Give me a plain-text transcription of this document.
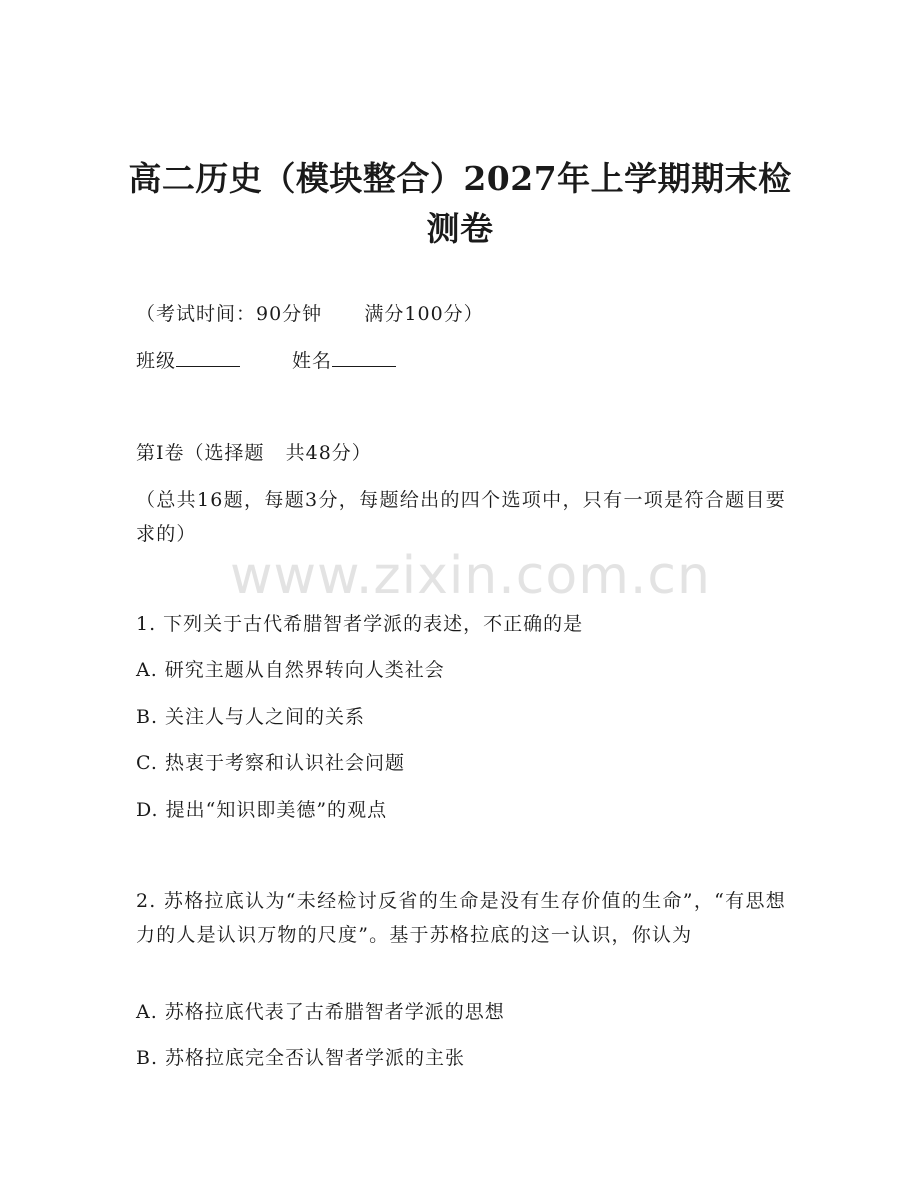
高二历史（模块整合）2027年上学期期末检
测卷
（考试时间：90分钟      满分100分）
班级	姓名
第Ⅰ卷（选择题   共48分）
（总共16题，每题3分，每题给出的四个选项中，只有一项是符合题目要求的）
www.zixin.com.cn
1. 下列关于古代希腊智者学派的表述，不正确的是
A. 研究主题从自然界转向人类社会
B. 关注人与人之间的关系
C. 热衷于考察和认识社会问题
D. 提出“知识即美德”的观点
2. 苏格拉底认为“未经检讨反省的生命是没有生存价值的生命”，“有思想力的人是认识万物的尺度”。基于苏格拉底的这一认识，你认为
A. 苏格拉底代表了古希腊智者学派的思想
B. 苏格拉底完全否认智者学派的主张
